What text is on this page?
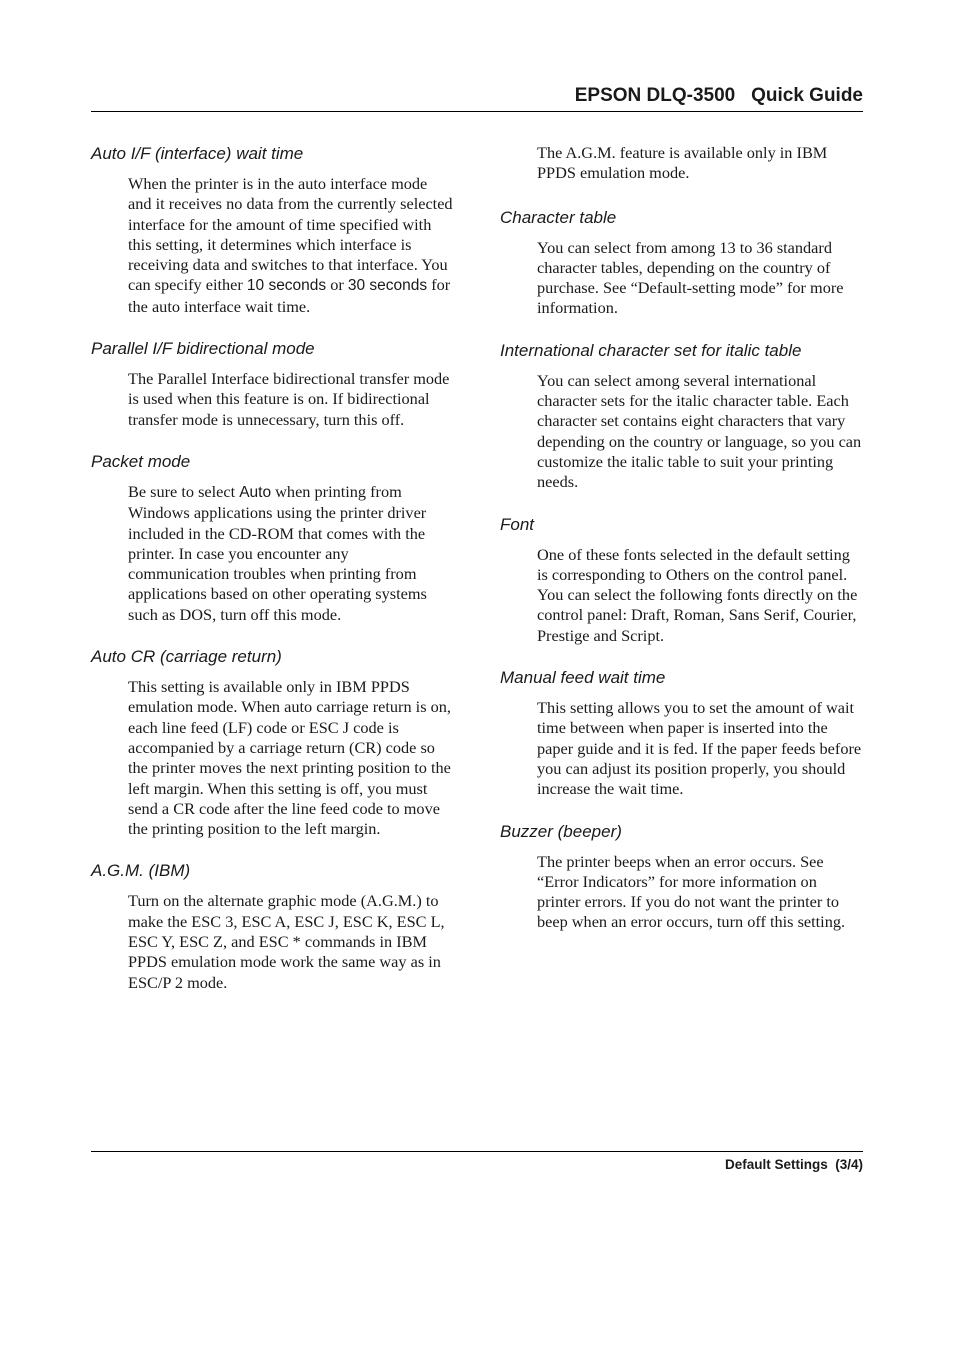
EPSON DLQ-3500   Quick Guide
Auto I/F (interface) wait time
When the printer is in the auto interface mode and it receives no data from the currently selected interface for the amount of time specified with this setting, it determines which interface is receiving data and switches to that interface. You can specify either 10 seconds or 30 seconds for the auto interface wait time.
Parallel I/F bidirectional mode
The Parallel Interface bidirectional transfer mode is used when this feature is on. If bidirectional transfer mode is unnecessary, turn this off.
Packet mode
Be sure to select Auto when printing from Windows applications using the printer driver included in the CD-ROM that comes with the printer. In case you encounter any communication troubles when printing from applications based on other operating systems such as DOS, turn off this mode.
Auto CR (carriage return)
This setting is available only in IBM PPDS emulation mode. When auto carriage return is on, each line feed (LF) code or ESC J code is accompanied by a carriage return (CR) code so the printer moves the next printing position to the left margin. When this setting is off, you must send a CR code after the line feed code to move the printing position to the left margin.
A.G.M. (IBM)
Turn on the alternate graphic mode (A.G.M.) to make the ESC 3, ESC A, ESC J, ESC K, ESC L, ESC Y, ESC Z, and ESC * commands in IBM PPDS emulation mode work the same way as in ESC/P 2 mode.
The A.G.M. feature is available only in IBM PPDS emulation mode.
Character table
You can select from among 13 to 36 standard character tables, depending on the country of purchase. See “Default-setting mode” for more information.
International character set for italic table
You can select among several international character sets for the italic character table. Each character set contains eight characters that vary depending on the country or language, so you can customize the italic table to suit your printing needs.
Font
One of these fonts selected in the default setting is corresponding to Others on the control panel. You can select the following fonts directly on the control panel: Draft, Roman, Sans Serif, Courier, Prestige and Script.
Manual feed wait time
This setting allows you to set the amount of wait time between when paper is inserted into the paper guide and it is fed. If the paper feeds before you can adjust its position properly, you should increase the wait time.
Buzzer (beeper)
The printer beeps when an error occurs. See “Error Indicators” for more information on printer errors. If you do not want the printer to beep when an error occurs, turn off this setting.
Default Settings  (3/4)
